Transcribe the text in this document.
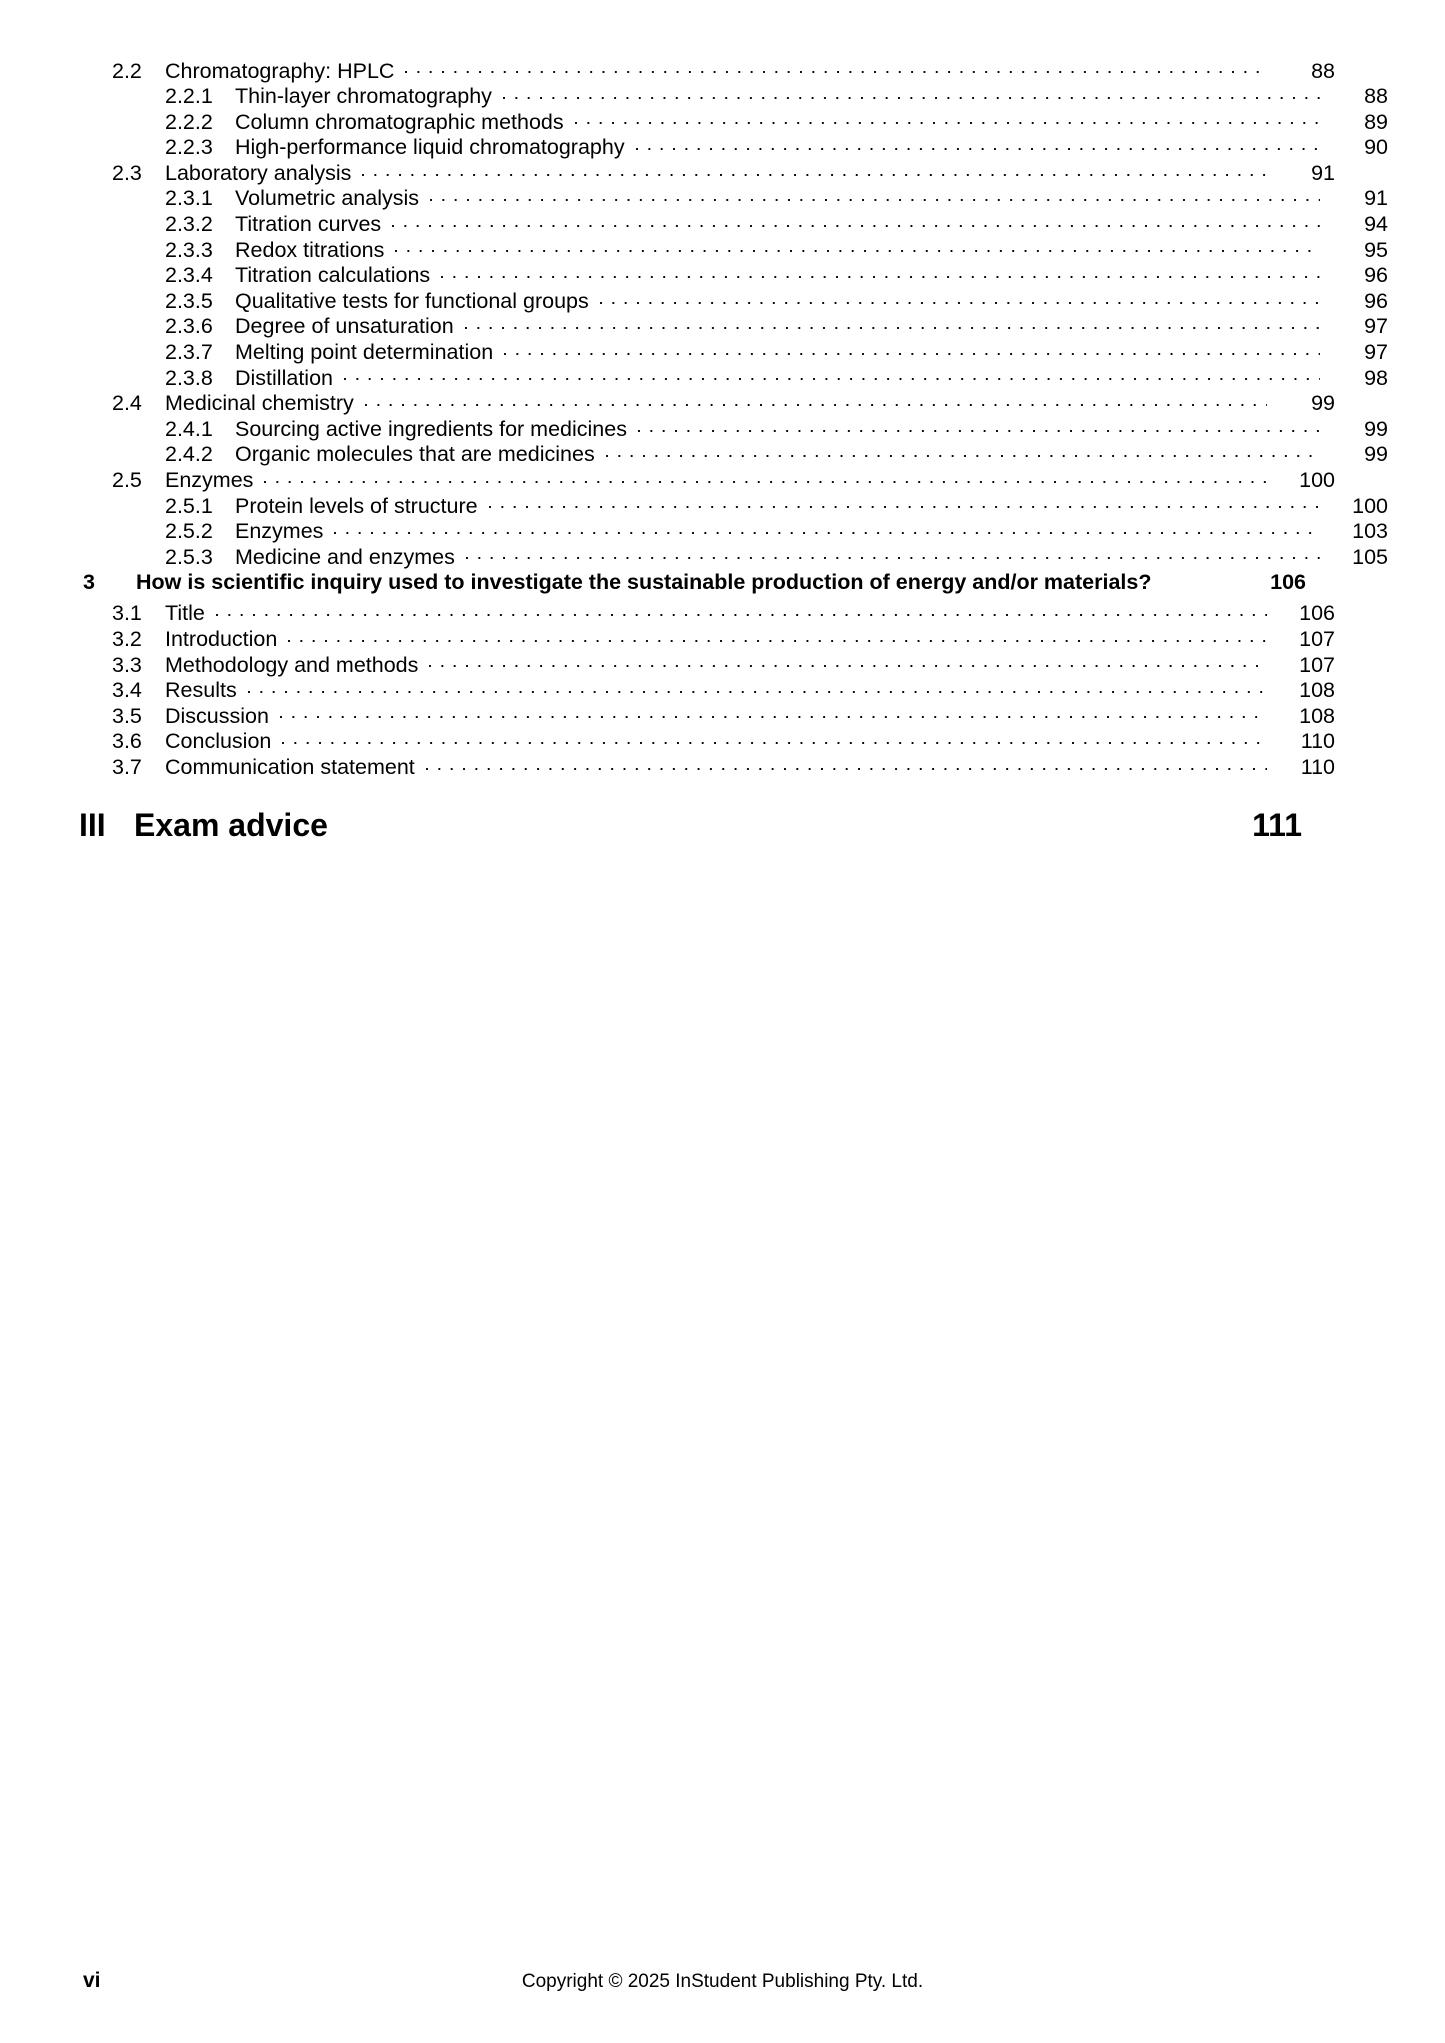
2.2	Chromatography: HPLC	88
2.2.1	Thin-layer chromatography	88
2.2.2	Column chromatographic methods	89
2.2.3	High-performance liquid chromatography	90
2.3	Laboratory analysis	91
2.3.1	Volumetric analysis	91
2.3.2	Titration curves	94
2.3.3	Redox titrations	95
2.3.4	Titration calculations	96
2.3.5	Qualitative tests for functional groups	96
2.3.6	Degree of unsaturation	97
2.3.7	Melting point determination	97
2.3.8	Distillation	98
2.4	Medicinal chemistry	99
2.4.1	Sourcing active ingredients for medicines	99
2.4.2	Organic molecules that are medicines	99
2.5	Enzymes	100
2.5.1	Protein levels of structure	100
2.5.2	Enzymes	103
2.5.3	Medicine and enzymes	105
3	How is scientific inquiry used to investigate the sustainable production of energy and/or materials?	106
3.1	Title	106
3.2	Introduction	107
3.3	Methodology and methods	107
3.4	Results	108
3.5	Discussion	108
3.6	Conclusion	110
3.7	Communication statement	110
III Exam advice	111
vi	Copyright © 2025 InStudent Publishing Pty. Ltd.
